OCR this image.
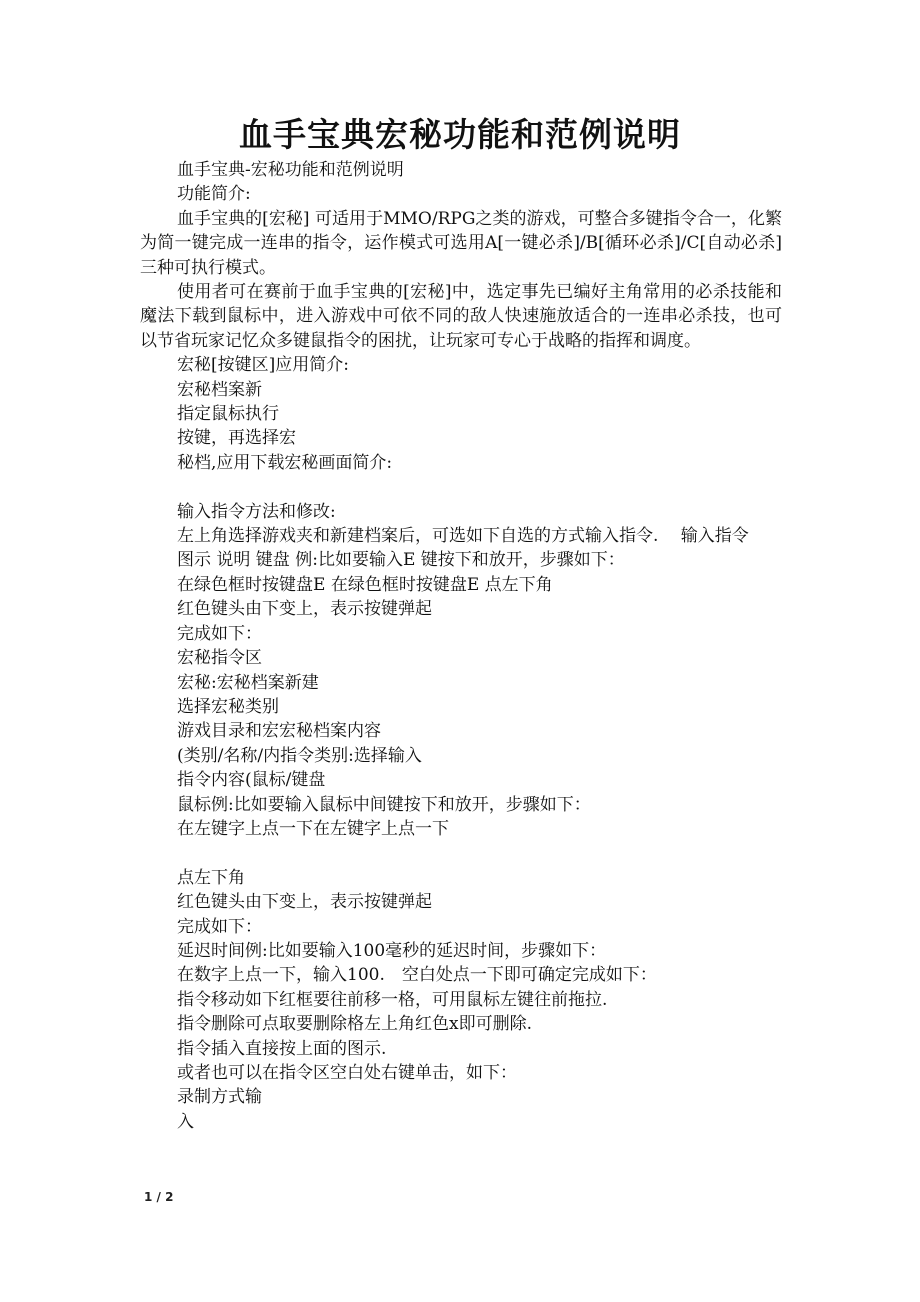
血手宝典宏秘功能和范例说明

血手宝典-宏秘功能和范例说明

功能简介:

血手宝典的[宏秘] 可适用于MMO/RPG之类的游戏，可整合多键指令合一，化繁为简一键完成一连串的指令，运作模式可选用A[一键必杀]/B[循环必杀]/C[自动必杀] 三种可执行模式。

使用者可在赛前于血手宝典的[宏秘]中，选定事先已编好主角常用的必杀技能和魔法下载到鼠标中，进入游戏中可依不同的敌人快速施放适合的一连串必杀技，也可以节省玩家记忆众多键鼠指令的困扰，让玩家可专心于战略的指挥和调度。

宏秘[按键区]应用简介:

宏秘档案新

指定鼠标执行

按键，再选择宏

秘档,应用下载宏秘画面简介:

输入指令方法和修改:

左上角选择游戏夹和新建档案后，可选如下自选的方式输入指令.　 输入指令

图示 说明 键盘 例:比如要输入E 键按下和放开，步骤如下：

在绿色框时按键盘E 在绿色框时按键盘E 点左下角

红色键头由下变上，表示按键弹起

完成如下：

宏秘指令区

宏秘:宏秘档案新建

选择宏秘类别

游戏目录和宏宏秘档案内容

(类别/名称/内指令类别:选择输入

指令内容(鼠标/键盘

鼠标例:比如要输入鼠标中间键按下和放开，步骤如下：

在左键字上点一下在左键字上点一下

点左下角

红色键头由下变上，表示按键弹起

完成如下：

延迟时间例:比如要输入100毫秒的延迟时间，步骤如下：

在数字上点一下，输入100.　空白处点一下即可确定完成如下：

指令移动如下红框要往前移一格，可用鼠标左键往前拖拉.

指令删除可点取要删除格左上角红色x即可删除.

指令插入直接按上面的图示.

或者也可以在指令区空白处右键单击，如下：

录制方式输

入

1 / 2
